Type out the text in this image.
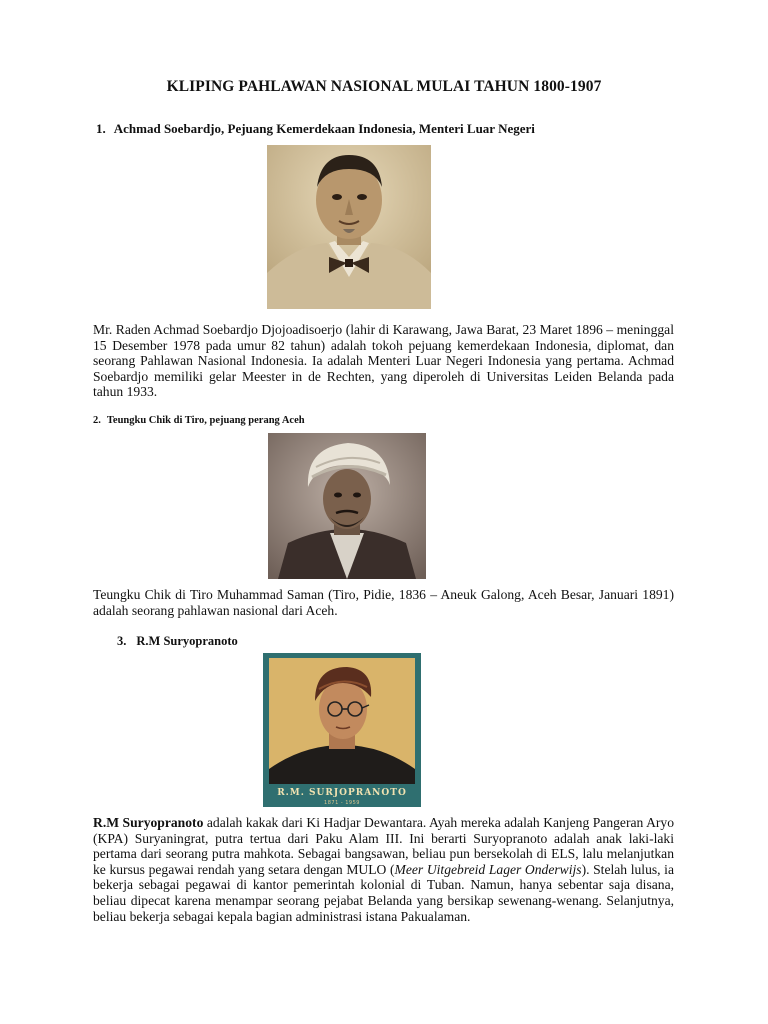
KLIPING PAHLAWAN NASIONAL MULAI TAHUN 1800-1907
1. Achmad Soebardjo, Pejuang Kemerdekaan Indonesia, Menteri Luar Negeri
Mr. Raden Achmad Soebardjo Djojoadisoerjo (lahir di Karawang, Jawa Barat, 23 Maret 1896 – meninggal 15 Desember 1978 pada umur 82 tahun) adalah tokoh pejuang kemerdekaan Indonesia, diplomat, dan seorang Pahlawan Nasional Indonesia. Ia adalah Menteri Luar Negeri Indonesia yang pertama. Achmad Soebardjo memiliki gelar Meester in de Rechten, yang diperoleh di Universitas Leiden Belanda pada tahun 1933.
2. Teungku Chik di Tiro, pejuang perang Aceh
Teungku Chik di Tiro Muhammad Saman (Tiro, Pidie, 1836 – Aneuk Galong, Aceh Besar, Januari 1891) adalah seorang pahlawan nasional dari Aceh.
3. R.M Suryopranoto
R.M. SURJOPRANOTO
1871 - 1959
R.M Suryopranoto adalah kakak dari Ki Hadjar Dewantara. Ayah mereka adalah Kanjeng Pangeran Aryo (KPA) Suryaningrat, putra tertua dari Paku Alam III. Ini berarti Suryopranoto adalah anak laki-laki pertama dari seorang putra mahkota. Sebagai bangsawan, beliau pun bersekolah di ELS, lalu melanjutkan ke kursus pegawai rendah yang setara dengan MULO (Meer Uitgebreid Lager Onderwijs). Stelah lulus, ia bekerja sebagai pegawai di kantor pemerintah kolonial di Tuban. Namun, hanya sebentar saja disana, beliau dipecat karena menampar seorang pejabat Belanda yang bersikap sewenang-wenang. Selanjutnya, beliau bekerja sebagai kepala bagian administrasi istana Pakualaman.
